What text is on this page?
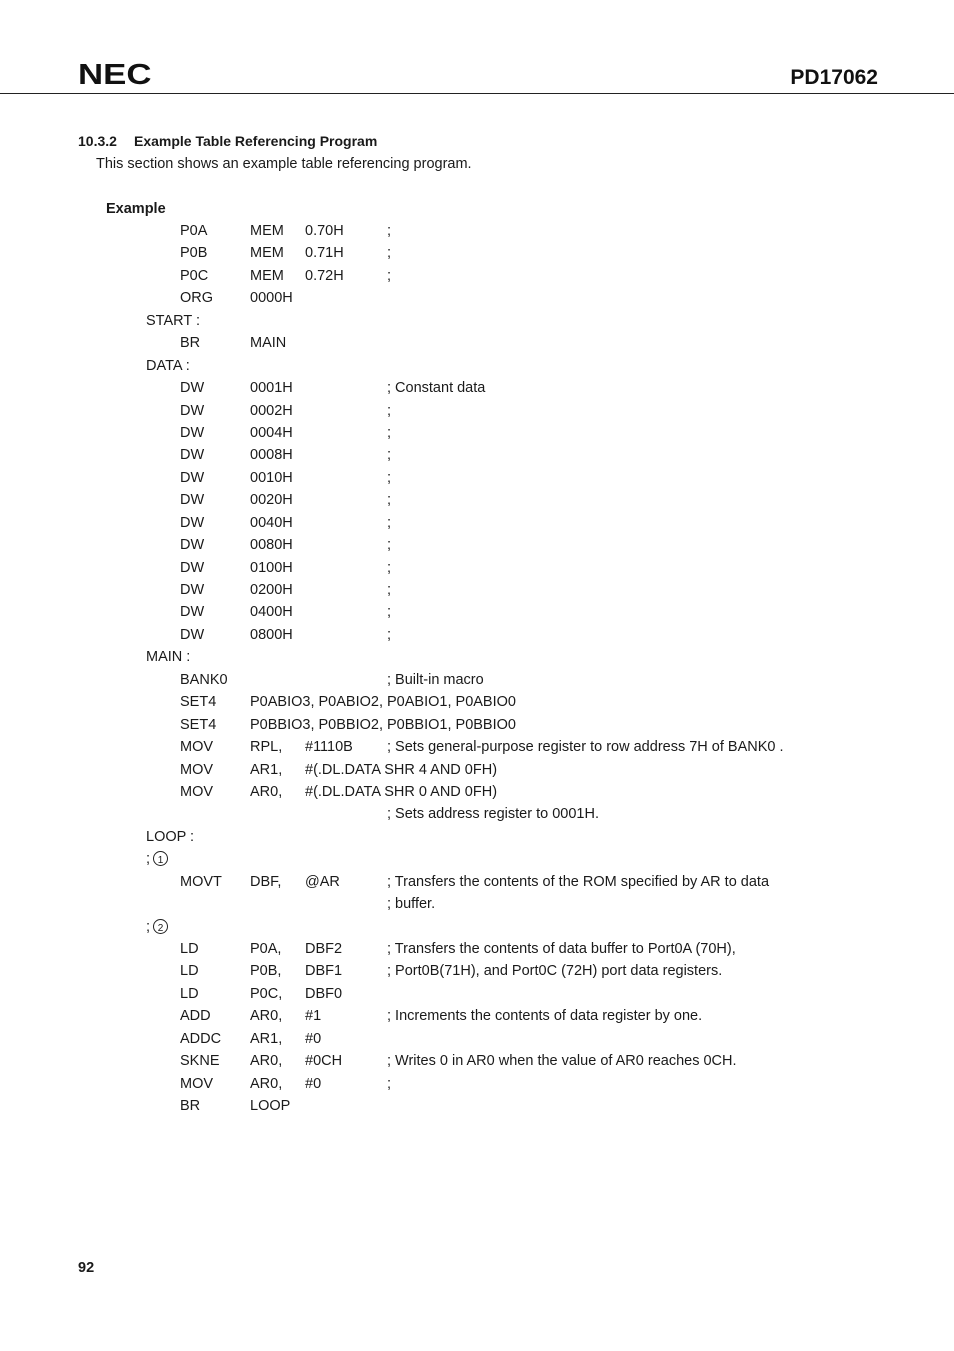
NEC	PD17062
10.3.2 Example Table Referencing Program
This section shows an example table referencing program.
Example
P0A	MEM 0.70H	;
P0B	MEM 0.71H	;
P0C	MEM 0.72H	;
ORG	0000H
START :
BR	MAIN
DATA :
DW	0001H	; Constant data
DW	0002H	;
DW	0004H	;
DW	0008H	;
DW	0010H	;
DW	0020H	;
DW	0040H	;
DW	0080H	;
DW	0100H	;
DW	0200H	;
DW	0400H	;
DW	0800H	;
MAIN :
BANK0	; Built-in macro
SET4 P0ABIO3, P0ABIO2, P0ABIO1, P0ABIO0
SET4 P0BBIO3, P0BBIO2, P0BBIO1, P0BBIO0
MOV	RPL, #1110B ; Sets general-purpose register to row address 7H of BANK0 .
MOV	AR1, #(.DL.DATA SHR 4 AND 0FH)
MOV	AR0, #(.DL.DATA SHR 0 AND 0FH)
; Sets address register to 0001H.
LOOP :
; 1
MOVT DBF, @AR	; Transfers the contents of the ROM specified by AR to data
; buffer.
; 2
LD	P0A, DBF2	; Transfers the contents of data buffer to Port0A (70H),
LD	P0B, DBF1	; Port0B(71H), and Port0C (72H) port data registers.
LD	P0C, DBF0
ADD	AR0, #1	; Increments the contents of data register by one.
ADDC AR1, #0
SKNE AR0, #0CH	; Writes 0 in AR0 when the value of AR0 reaches 0CH.
MOV	AR0, #0	;
BR	LOOP
92
